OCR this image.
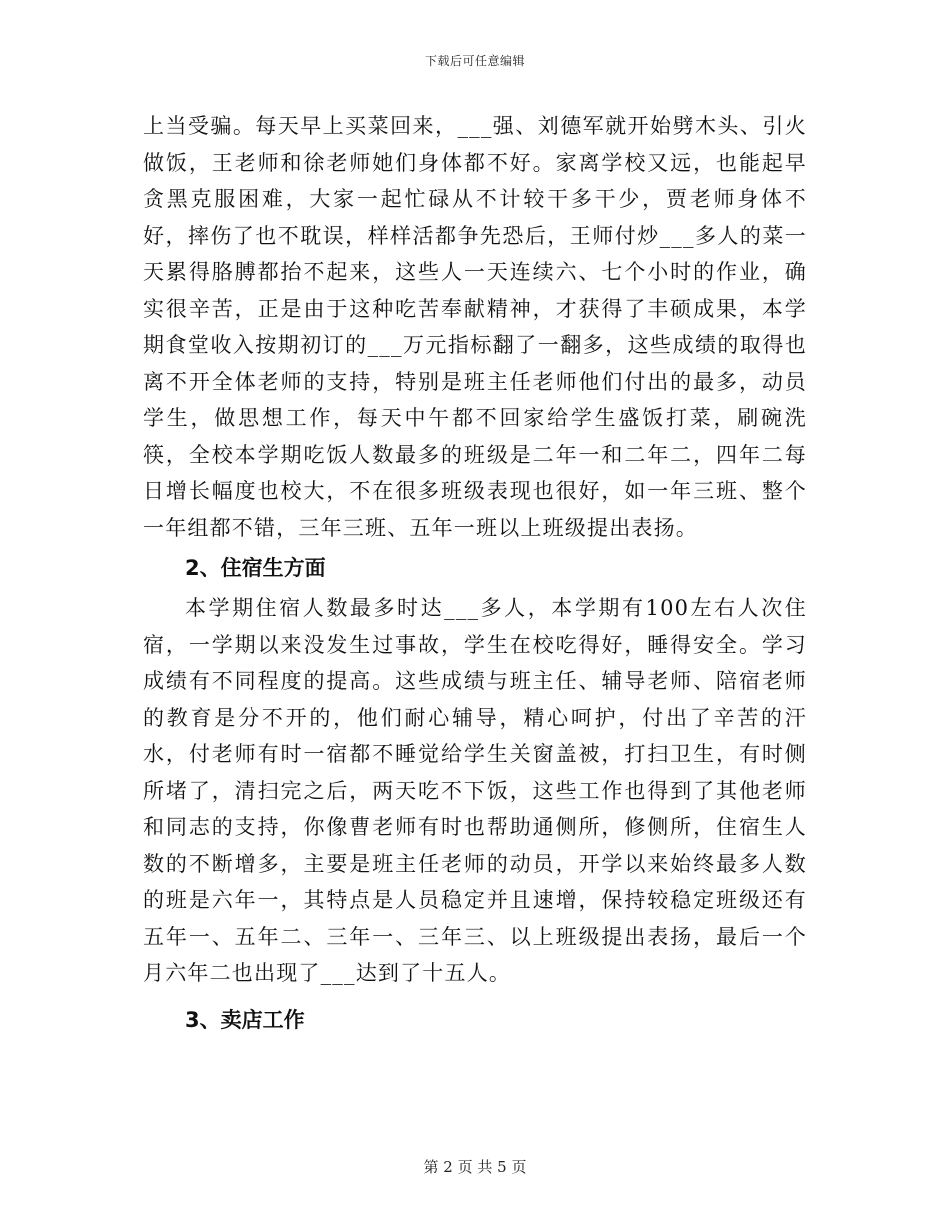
下载后可任意编辑

上当受骗。每天早上买菜回来，___强、刘德军就开始劈木头、引火做饭，王老师和徐老师她们身体都不好。家离学校又远，也能起早贪黑克服困难，大家一起忙碌从不计较干多干少，贾老师身体不好，摔伤了也不耽误，样样活都争先恐后，王师付炒___多人的菜一天累得胳膊都抬不起来，这些人一天连续六、七个小时的作业，确实很辛苦，正是由于这种吃苦奉献精神，才获得了丰硕成果，本学期食堂收入按期初订的___万元指标翻了一翻多，这些成绩的取得也离不开全体老师的支持，特别是班主任老师他们付出的最多，动员学生，做思想工作，每天中午都不回家给学生盛饭打菜，刷碗洗筷，全校本学期吃饭人数最多的班级是二年一和二年二，四年二每日增长幅度也校大，不在很多班级表现也很好，如一年三班、整个一年组都不错，三年三班、五年一班以上班级提出表扬。

2、住宿生方面

本学期住宿人数最多时达___多人，本学期有100左右人次住宿，一学期以来没发生过事故，学生在校吃得好，睡得安全。学习成绩有不同程度的提高。这些成绩与班主任、辅导老师、陪宿老师的教育是分不开的，他们耐心辅导，精心呵护，付出了辛苦的汗水，付老师有时一宿都不睡觉给学生关窗盖被，打扫卫生，有时侧所堵了，清扫完之后，两天吃不下饭，这些工作也得到了其他老师和同志的支持，你像曹老师有时也帮助通侧所，修侧所，住宿生人数的不断增多，主要是班主任老师的动员，开学以来始终最多人数的班是六年一，其特点是人员稳定并且速增，保持较稳定班级还有五年一、五年二、三年一、三年三、以上班级提出表扬，最后一个月六年二也出现了___达到了十五人。

3、卖店工作

第 2 页 共 5 页
